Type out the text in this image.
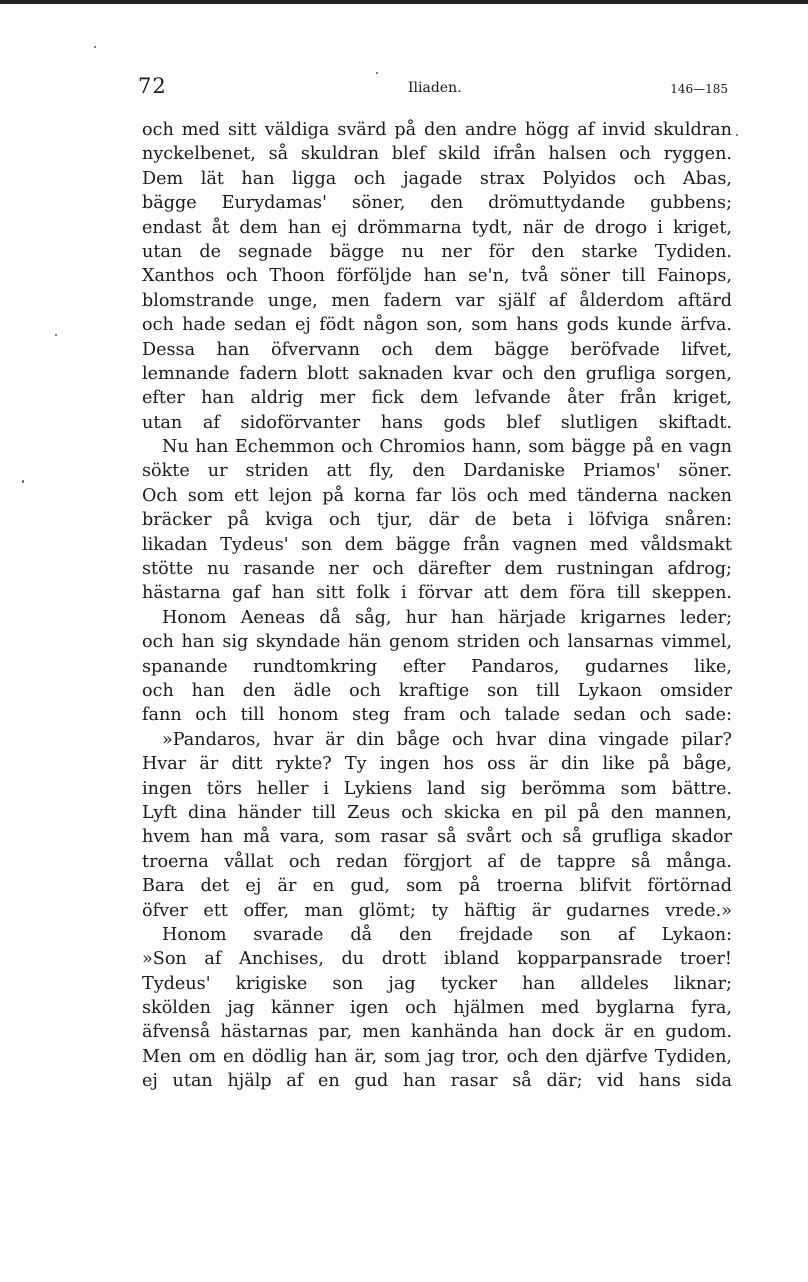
72	Iliaden.	146—185
och med sitt väldiga svärd på den andre högg af invid skuldran
nyckelbenet, så skuldran blef skild ifrån halsen och ryggen.
Dem lät han ligga och jagade strax Polyidos och Abas,
bägge Eurydamas' söner, den drömuttydande gubbens;
endast åt dem han ej drömmarna tydt, när de drogo i kriget,
utan de segnade bägge nu ner för den starke Tydiden.
Xanthos och Thoon förföljde han se'n, två söner till Fainops,
blomstrande unge, men fadern var själf af ålderdom aftärd
och hade sedan ej födt någon son, som hans gods kunde ärfva.
Dessa han öfvervann och dem bägge beröfvade lifvet,
lemnande fadern blott saknaden kvar och den grufliga sorgen,
efter han aldrig mer fick dem lefvande åter från kriget,
utan af sidoförvanter hans gods blef slutligen skiftadt.
Nu han Echemmon och Chromios hann, som bägge på en vagn
sökte ur striden att fly, den Dardaniske Priamos' söner.
Och som ett lejon på korna far lös och med tänderna nacken
bräcker på kviga och tjur, där de beta i löfviga snåren:
likadan Tydeus' son dem bägge från vagnen med våldsmakt
stötte nu rasande ner och därefter dem rustningan afdrog;
hästarna gaf han sitt folk i förvar att dem föra till skeppen.
Honom Aeneas då såg, hur han härjade krigarnes leder;
och han sig skyndade hän genom striden och lansarnas vimmel,
spanande rundtomkring efter Pandaros, gudarnes like,
och han den ädle och kraftige son till Lykaon omsider
fann och till honom steg fram och talade sedan och sade:
»Pandaros, hvar är din båge och hvar dina vingade pilar?
Hvar är ditt rykte? Ty ingen hos oss är din like på båge,
ingen törs heller i Lykiens land sig berömma som bättre.
Lyft dina händer till Zeus och skicka en pil på den mannen,
hvem han må vara, som rasar så svårt och så grufliga skador
troerna vållat och redan förgjort af de tappre så många.
Bara det ej är en gud, som på troerna blifvit förtörnad
öfver ett offer, man glömt; ty häftig är gudarnes vrede.»
Honom svarade då den frejdade son af Lykaon:
»Son af Anchises, du drott ibland kopparpansrade troer!
Tydeus' krigiske son jag tycker han alldeles liknar;
skölden jag känner igen och hjälmen med byglarna fyra,
äfvenså hästarnas par, men kanhända han dock är en gudom.
Men om en dödlig han är, som jag tror, och den djärfve Tydiden,
ej utan hjälp af en gud han rasar så där; vid hans sida
